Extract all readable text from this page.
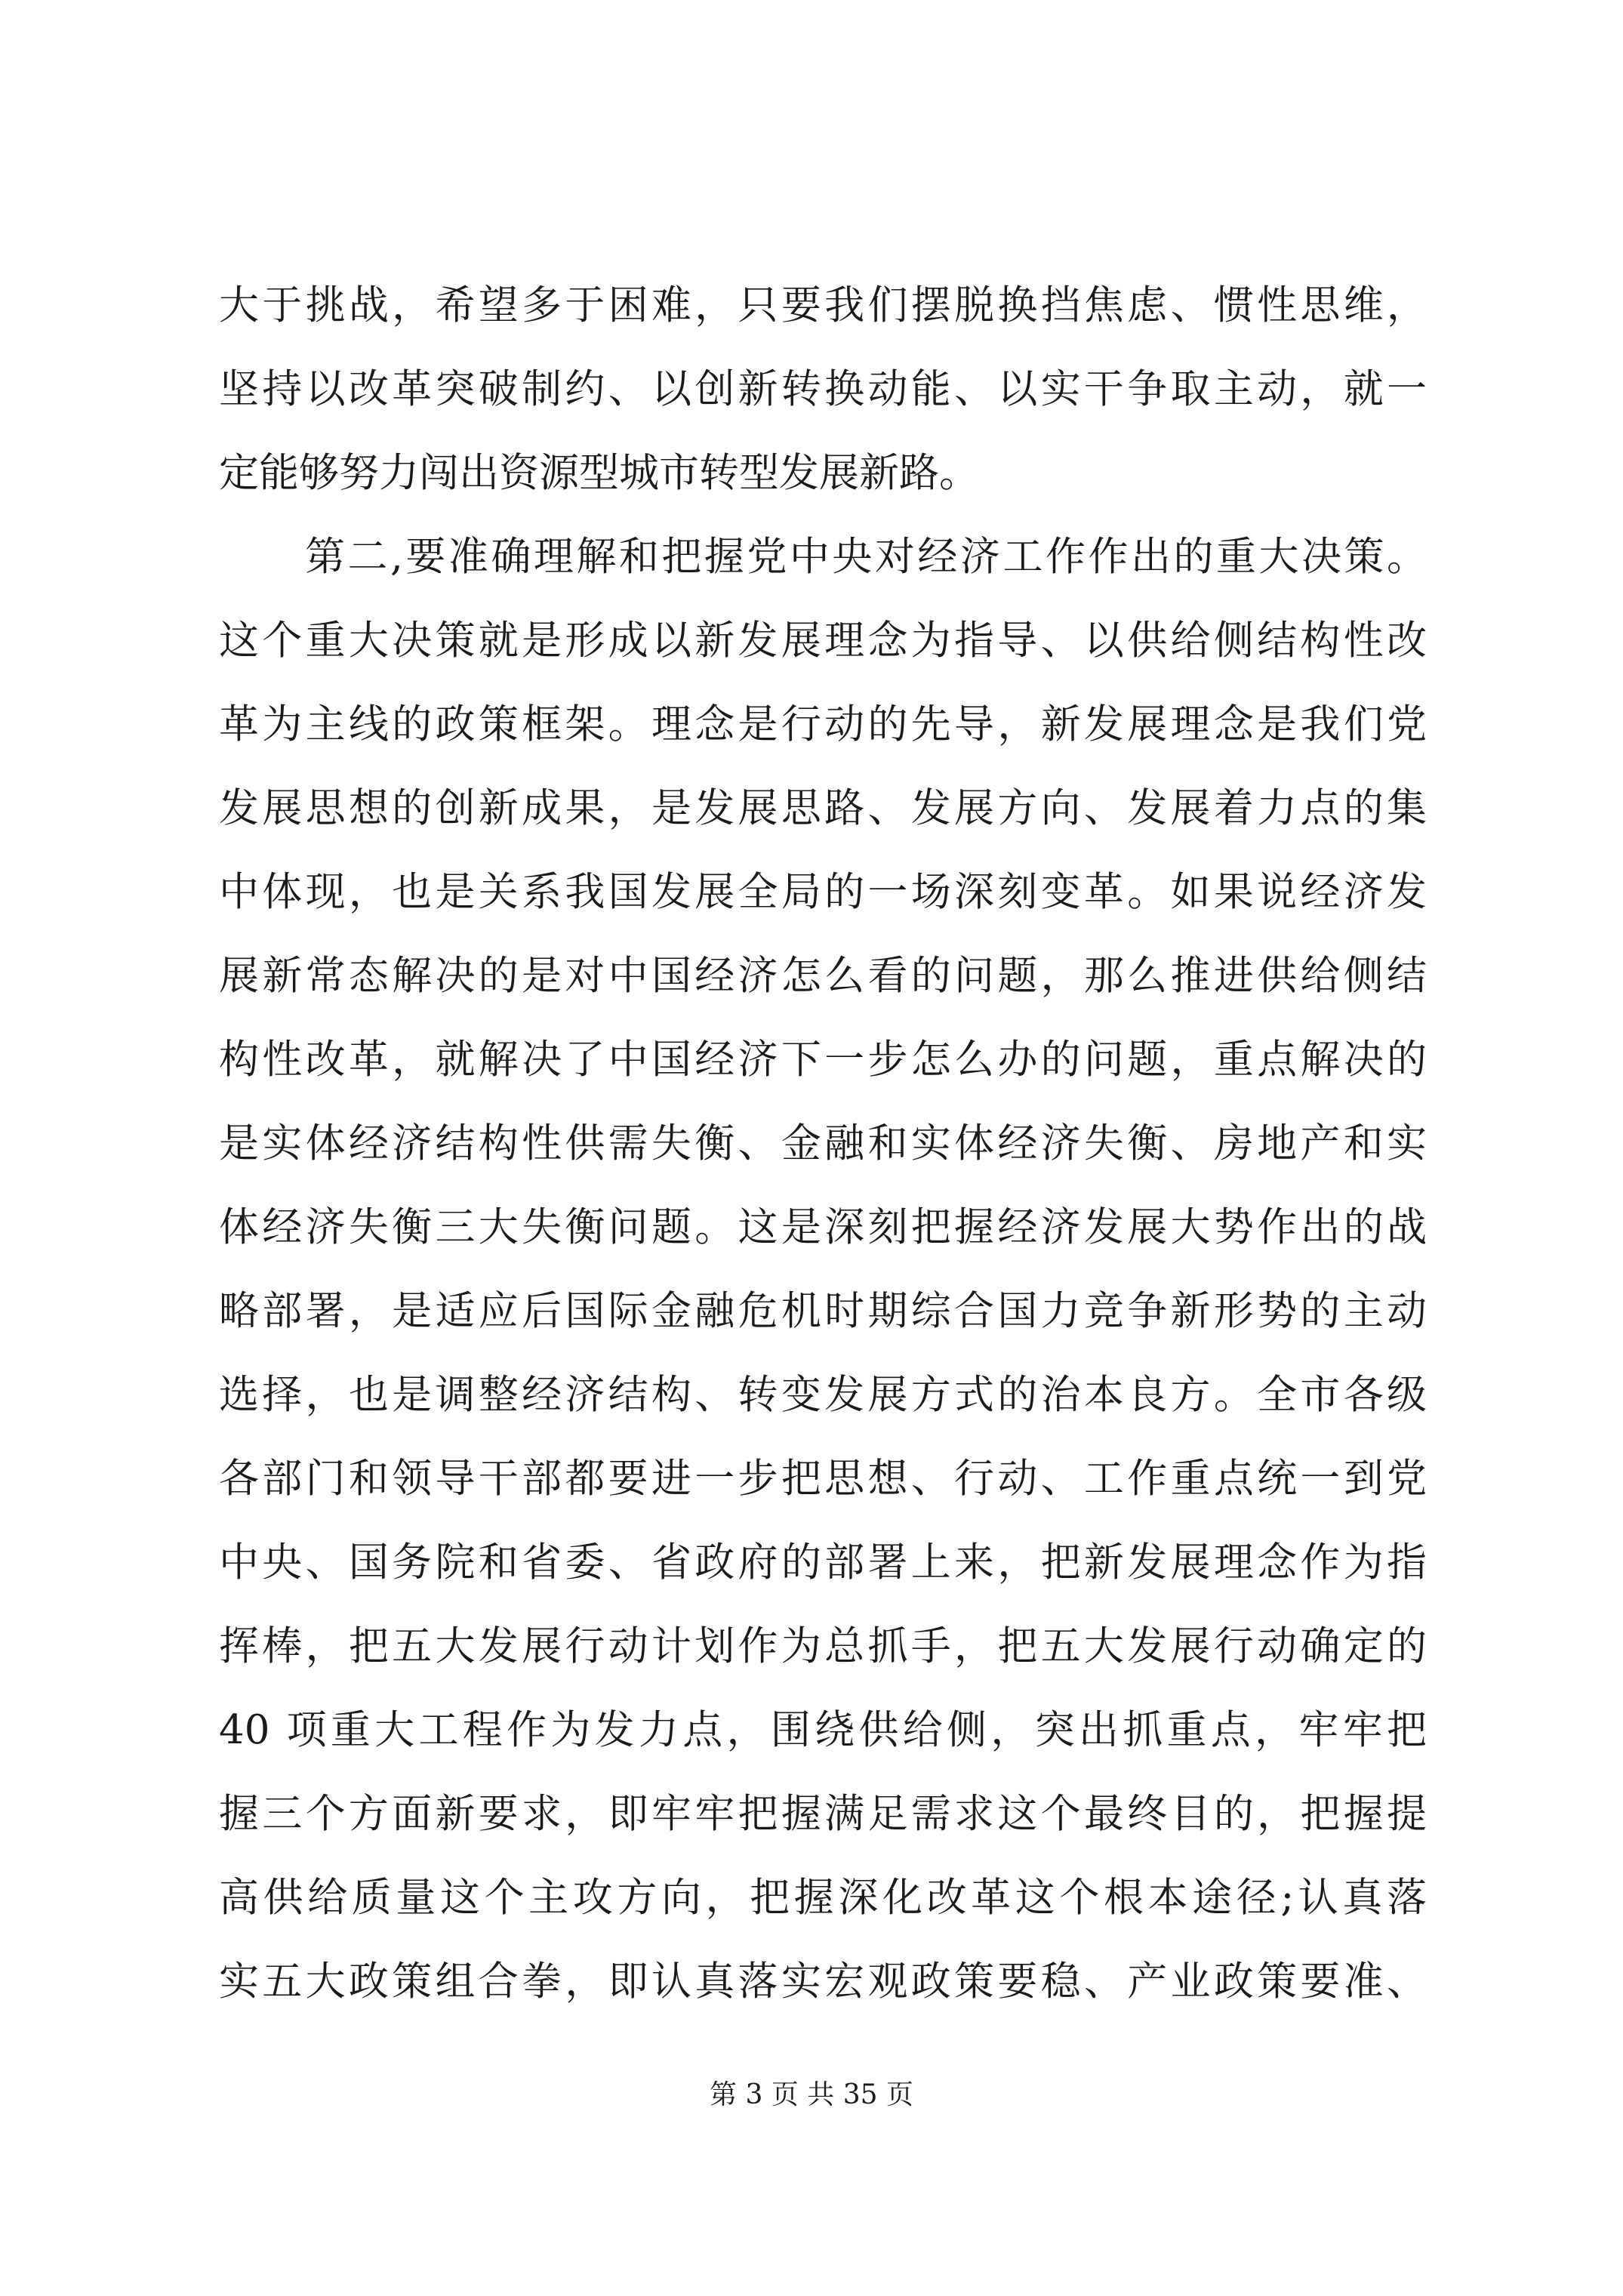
大于挑战，希望多于困难，只要我们摆脱换挡焦虑、惯性思维，
坚持以改革突破制约、以创新转换动能、以实干争取主动，就一
定能够努力闯出资源型城市转型发展新路。
第二,要准确理解和把握党中央对经济工作作出的重大决策。
这个重大决策就是形成以新发展理念为指导、以供给侧结构性改
革为主线的政策框架。理念是行动的先导，新发展理念是我们党
发展思想的创新成果，是发展思路、发展方向、发展着力点的集
中体现，也是关系我国发展全局的一场深刻变革。如果说经济发
展新常态解决的是对中国经济怎么看的问题，那么推进供给侧结
构性改革，就解决了中国经济下一步怎么办的问题，重点解决的
是实体经济结构性供需失衡、金融和实体经济失衡、房地产和实
体经济失衡三大失衡问题。这是深刻把握经济发展大势作出的战
略部署，是适应后国际金融危机时期综合国力竞争新形势的主动
选择，也是调整经济结构、转变发展方式的治本良方。全市各级
各部门和领导干部都要进一步把思想、行动、工作重点统一到党
中央、国务院和省委、省政府的部署上来，把新发展理念作为指
挥棒，把五大发展行动计划作为总抓手，把五大发展行动确定的
40 项重大工程作为发力点，围绕供给侧，突出抓重点，牢牢把
握三个方面新要求，即牢牢把握满足需求这个最终目的，把握提
高供给质量这个主攻方向，把握深化改革这个根本途径;认真落
实五大政策组合拳，即认真落实宏观政策要稳、产业政策要准、
第 3 页 共 35 页
